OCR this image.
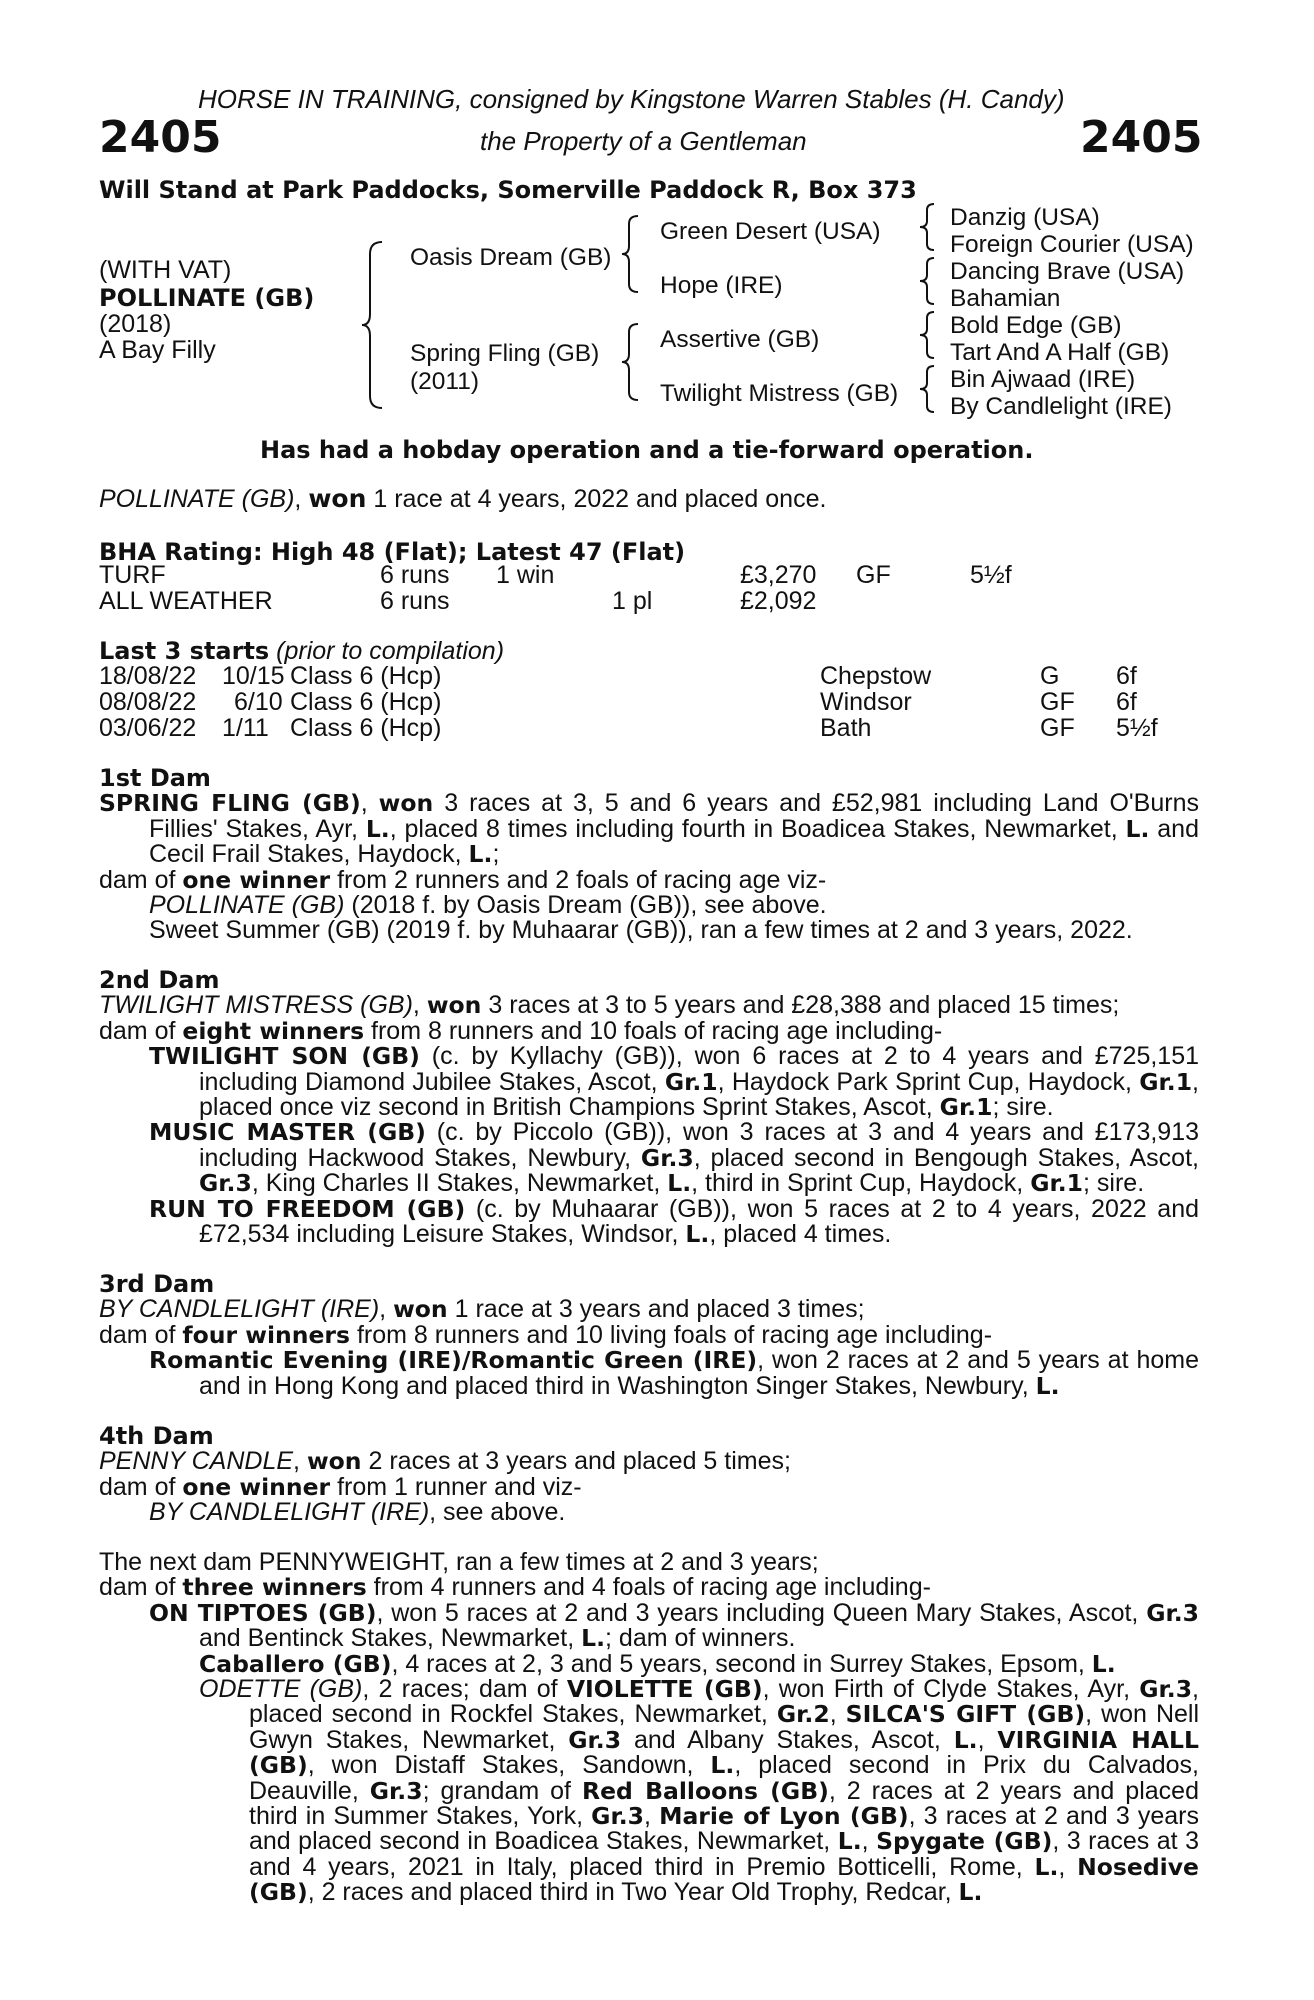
HORSE IN TRAINING, consigned by Kingstone Warren Stables (H. Candy)
2405	the Property of a Gentleman	2405
Will Stand at Park Paddocks, Somerville Paddock R, Box 373
(WITH VAT)
POLLINATE (GB)
(2018)
A Bay Filly
Oasis Dream (GB)
Spring Fling (GB)
(2011)
Green Desert (USA)
Hope (IRE)
Assertive (GB)
Twilight Mistress (GB)
Danzig (USA)
Foreign Courier (USA)
Dancing Brave (USA)
Bahamian
Bold Edge (GB)
Tart And A Half (GB)
Bin Ajwaad (IRE)
By Candlelight (IRE)
Has had a hobday operation and a tie-forward operation.
POLLINATE (GB), won 1 race at 4 years, 2022 and placed once.
BHA Rating: High 48 (Flat); Latest 47 (Flat)
TURF	6 runs 1 win	£3,270 GF	5½f
ALL WEATHER	6 runs	1 pl	£2,092
Last 3 starts (prior to compilation)
18/08/22 10/15 Class 6 (Hcp)	Chepstow	G 6f
08/08/22 6/10 Class 6 (Hcp)	Windsor	GF 6f
03/06/22 1/11 Class 6 (Hcp)	Bath	GF 5½f

1st Dam

SPRING FLING (GB), won 3 races at 3, 5 and 6 years and £52,981 including Land O'Burns Fillies' Stakes, Ayr, L., placed 8 times including fourth in Boadicea Stakes, Newmarket, L. and Cecil Frail Stakes, Haydock, L.;

dam of one winner from 2 runners and 2 foals of racing age viz-

POLLINATE (GB) (2018 f. by Oasis Dream (GB)), see above.

Sweet Summer (GB) (2019 f. by Muhaarar (GB)), ran a few times at 2 and 3 years, 2022.

2nd Dam

TWILIGHT MISTRESS (GB), won 3 races at 3 to 5 years and £28,388 and placed 15 times;

dam of eight winners from 8 runners and 10 foals of racing age including-

TWILIGHT SON (GB) (c. by Kyllachy (GB)), won 6 races at 2 to 4 years and £725,151 including Diamond Jubilee Stakes, Ascot, Gr.1, Haydock Park Sprint Cup, Haydock, Gr.1, placed once viz second in British Champions Sprint Stakes, Ascot, Gr.1; sire.

MUSIC MASTER (GB) (c. by Piccolo (GB)), won 3 races at 3 and 4 years and £173,913 including Hackwood Stakes, Newbury, Gr.3, placed second in Bengough Stakes, Ascot, Gr.3, King Charles II Stakes, Newmarket, L., third in Sprint Cup, Haydock, Gr.1; sire.

RUN TO FREEDOM (GB) (c. by Muhaarar (GB)), won 5 races at 2 to 4 years, 2022 and £72,534 including Leisure Stakes, Windsor, L., placed 4 times.

3rd Dam

BY CANDLELIGHT (IRE), won 1 race at 3 years and placed 3 times;

dam of four winners from 8 runners and 10 living foals of racing age including-

Romantic Evening (IRE)/Romantic Green (IRE), won 2 races at 2 and 5 years at home and in Hong Kong and placed third in Washington Singer Stakes, Newbury, L.

4th Dam

PENNY CANDLE, won 2 races at 3 years and placed 5 times;

dam of one winner from 1 runner and viz-

BY CANDLELIGHT (IRE), see above.

The next dam PENNYWEIGHT, ran a few times at 2 and 3 years;

dam of three winners from 4 runners and 4 foals of racing age including-

ON TIPTOES (GB), won 5 races at 2 and 3 years including Queen Mary Stakes, Ascot, Gr.3 and Bentinck Stakes, Newmarket, L.; dam of winners.

Caballero (GB), 4 races at 2, 3 and 5 years, second in Surrey Stakes, Epsom, L.

ODETTE (GB), 2 races; dam of VIOLETTE (GB), won Firth of Clyde Stakes, Ayr, Gr.3, placed second in Rockfel Stakes, Newmarket, Gr.2, SILCA'S GIFT (GB), won Nell Gwyn Stakes, Newmarket, Gr.3 and Albany Stakes, Ascot, L., VIRGINIA HALL (GB), won Distaff Stakes, Sandown, L., placed second in Prix du Calvados, Deauville, Gr.3; grandam of Red Balloons (GB), 2 races at 2 years and placed third in Summer Stakes, York, Gr.3, Marie of Lyon (GB), 3 races at 2 and 3 years and placed second in Boadicea Stakes, Newmarket, L., Spygate (GB), 3 races at 3 and 4 years, 2021 in Italy, placed third in Premio Botticelli, Rome, L., Nosedive (GB), 2 races and placed third in Two Year Old Trophy, Redcar, L.
